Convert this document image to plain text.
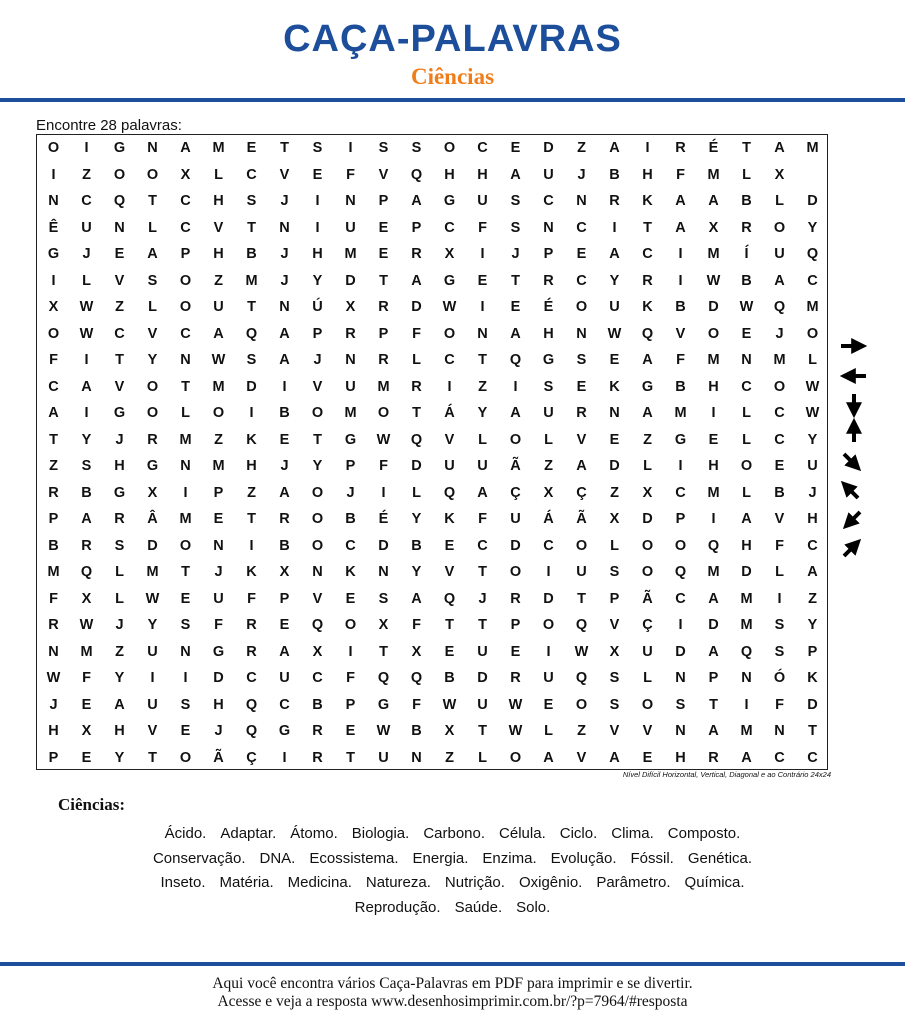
CAÇA-PALAVRAS
Ciências
Encontre 28 palavras:
O	I	G	N	A	M	E	T	S	I	S	S	O	C	E	D	Z	A	I	R	É	T	A	M
I	Z	O	O	X	L	C	V	E	F	V	Q	H	H	A	U	J	B	H	F	M	L	X
N	C	Q	T	C	H	S	J	I	N	P	A	G	U	S	C	N	R	K	A	A	B	L	D
Ê	U	N	L	C	V	T	N	I	U	E	P	C	F	S	N	C	I	T	A	X	R	O	Y
G	J	E	A	P	H	B	J	H	M	E	R	X	I	J	P	E	A	C	I	M	Í	U	Q
I	L	V	S	O	Z	M	J	Y	D	T	A	G	E	T	R	C	Y	R	I	W	B	A	C
X	W	Z	L	O	U	T	N	Ú	X	R	D	W	I	E	É	O	U	K	B	D	W	Q	M
O	W	C	V	C	A	Q	A	P	R	P	F	O	N	A	H	N	W	Q	V	O	E	J	O
F	I	T	Y	N	W	S	A	J	N	R	L	C	T	Q	G	S	E	A	F	M	N	M	L
C	A	V	O	T	M	D	I	V	U	M	R	I	Z	I	S	E	K	G	B	H	C	O	W
A	I	G	O	L	O	I	B	O	M	O	T	Á	Y	A	U	R	N	A	M	I	L	C	W
T	Y	J	R	M	Z	K	E	T	G	W	Q	V	L	O	L	V	E	Z	G	E	L	C	Y
Z	S	H	G	N	M	H	J	Y	P	F	D	U	U	Ã	Z	A	D	L	I	H	O	E	U
R	B	G	X	I	P	Z	A	O	J	I	L	Q	A	Ç	X	Ç	Z	X	C	M	L	B	J
P	A	R	Â	M	E	T	R	O	B	É	Y	K	F	U	Á	Ã	X	D	P	I	A	V	H
B	R	S	D	O	N	I	B	O	C	D	B	E	C	D	C	O	L	O	O	Q	H	F	C
M	Q	L	M	T	J	K	X	N	K	N	Y	V	T	O	I	U	S	O	Q	M	D	L	A
F	X	L	W	E	U	F	P	V	E	S	A	Q	J	R	D	T	P	Ã	C	A	M	I	Z
R	W	J	Y	S	F	R	E	Q	O	X	F	T	T	P	O	Q	V	Ç	I	D	M	S	Y
N	M	Z	U	N	G	R	A	X	I	T	X	E	U	E	I	W	X	U	D	A	Q	S	P
W	F	Y	I	I	D	C	U	C	F	Q	Q	B	D	R	U	Q	S	L	N	P	N	Ó	K
J	E	A	U	S	H	Q	C	B	P	G	F	W	U	W	E	O	S	O	S	T	I	F	D
H	X	H	V	E	J	Q	G	R	E	W	B	X	T	W	L	Z	V	V	N	A	M	N	T
P	E	Y	T	O	Ã	Ç	I	R	T	U	N	Z	L	O	A	V	A	E	H	R	A	C	C
Nível Difícil Horizontal, Vertical, Diagonal e ao Contrário 24x24
Ciências:
Ácido. Adaptar. Átomo. Biologia. Carbono. Célula. Ciclo. Clima. Composto.
Conservação. DNA. Ecossistema. Energia. Enzima. Evolução. Fóssil. Genética.
Inseto. Matéria. Medicina. Natureza. Nutrição. Oxigênio. Parâmetro. Química.
Reprodução. Saúde. Solo.
Aqui você encontra vários Caça-Palavras em PDF para imprimir e se divertir.
Acesse e veja a resposta www.desenhosimprimir.com.br/?p=7964/#resposta
